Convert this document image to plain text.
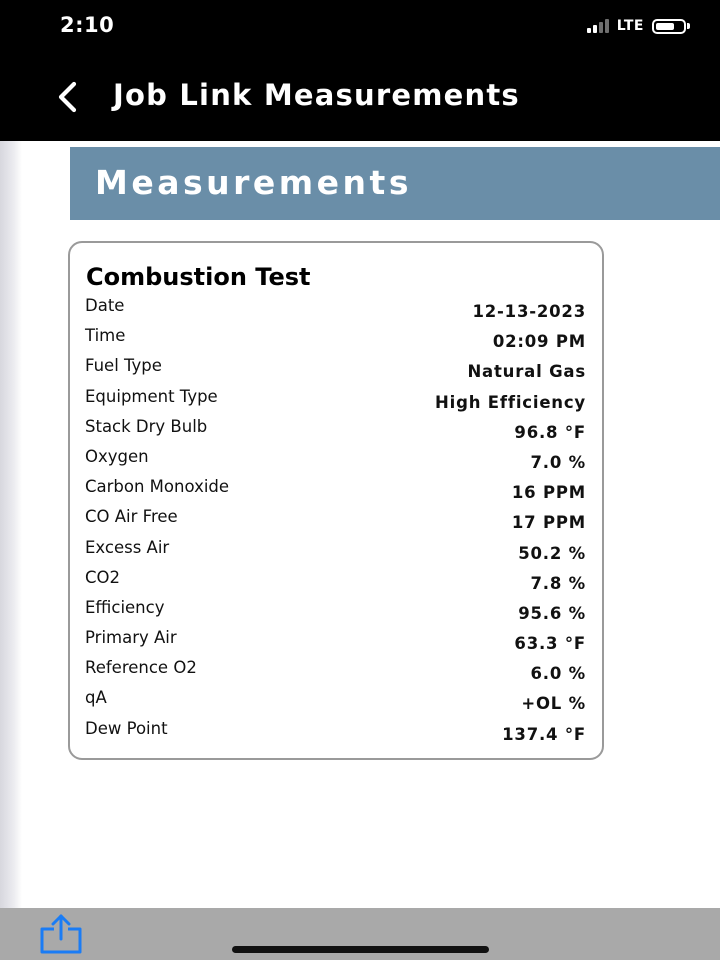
2:10	LTE
Job Link Measurements
Measurements
Combustion Test
Date	12-13-2023
Time	02:09 PM
Fuel Type	Natural Gas
Equipment Type	High Efficiency
Stack Dry Bulb	96.8 °F
Oxygen	7.0 %
Carbon Monoxide	16 PPM
CO Air Free	17 PPM
Excess Air	50.2 %
CO2	7.8 %
Efficiency	95.6 %
Primary Air	63.3 °F
Reference O2	6.0 %
qA	+OL %
Dew Point	137.4 °F
